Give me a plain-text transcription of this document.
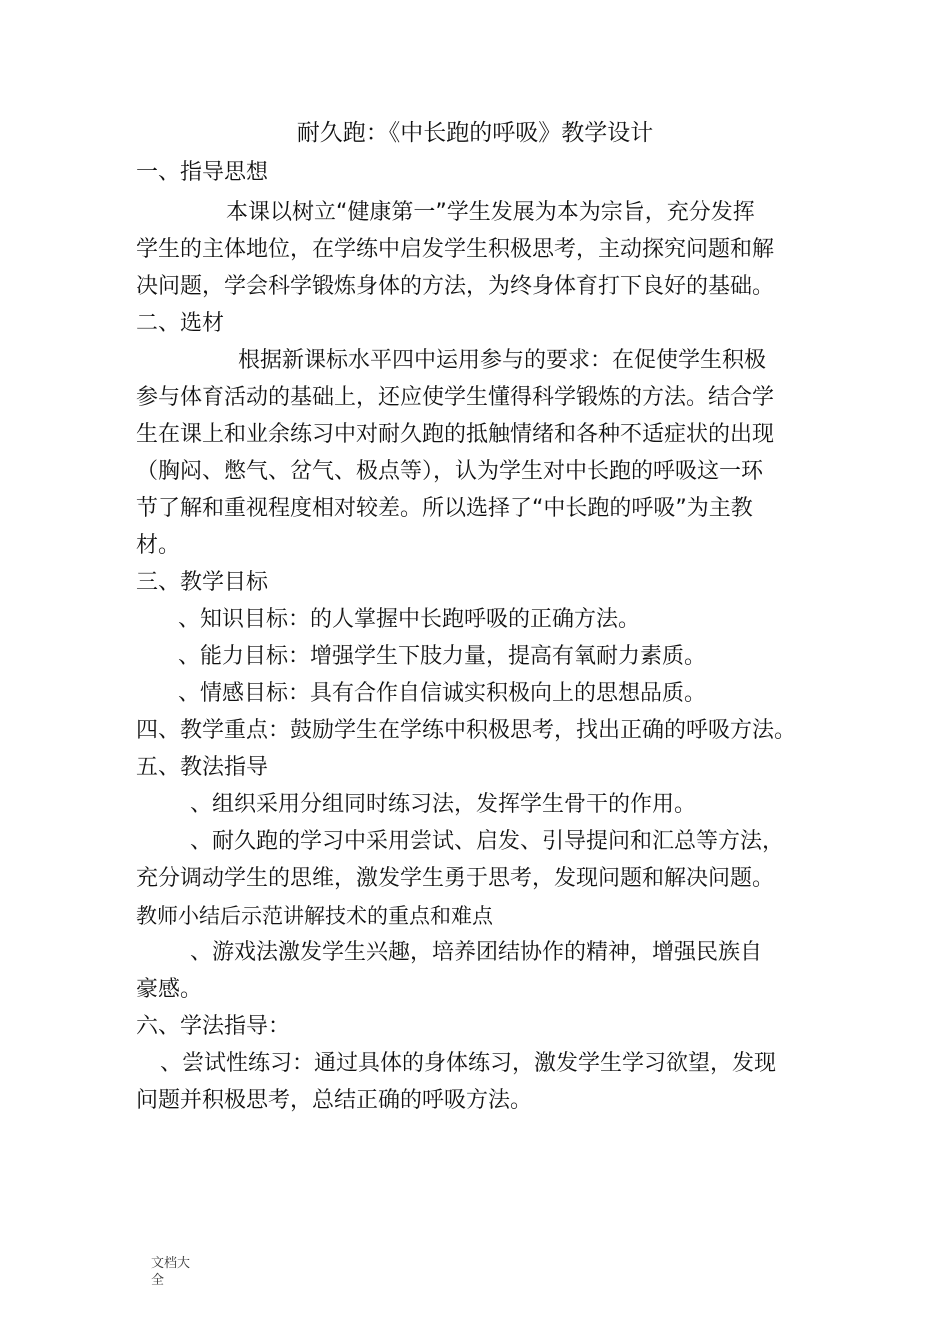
耐久跑：《中长跑的呼吸》教学设计
一、指导思想
本课以树立“健康第一”学生发展为本为宗旨，充分发挥
学生的主体地位，在学练中启发学生积极思考，主动探究问题和解
决问题，学会科学锻炼身体的方法，为终身体育打下良好的基础。
二、选材
根据新课标水平四中运用参与的要求：在促使学生积极
参与体育活动的基础上，还应使学生懂得科学锻炼的方法。结合学
生在课上和业余练习中对耐久跑的抵触情绪和各种不适症状的出现
（胸闷、憋气、岔气、极点等），认为学生对中长跑的呼吸这一环
节了解和重视程度相对较差。所以选择了“中长跑的呼吸”为主教
材。
三、教学目标
、知识目标：的人掌握中长跑呼吸的正确方法。
、能力目标：增强学生下肢力量，提高有氧耐力素质。
、情感目标：具有合作自信诚实积极向上的思想品质。
四、教学重点：鼓励学生在学练中积极思考，找出正确的呼吸方法。
五、教法指导
、组织采用分组同时练习法，发挥学生骨干的作用。
、耐久跑的学习中采用尝试、启发、引导提问和汇总等方法，
充分调动学生的思维，激发学生勇于思考，发现问题和解决问题。
教师小结后示范讲解技术的重点和难点
、游戏法激发学生兴趣，培养团结协作的精神，增强民族自
豪感。
六、学法指导：
、尝试性练习：通过具体的身体练习，激发学生学习欲望，发现
问题并积极思考，总结正确的呼吸方法。
文档大
全
